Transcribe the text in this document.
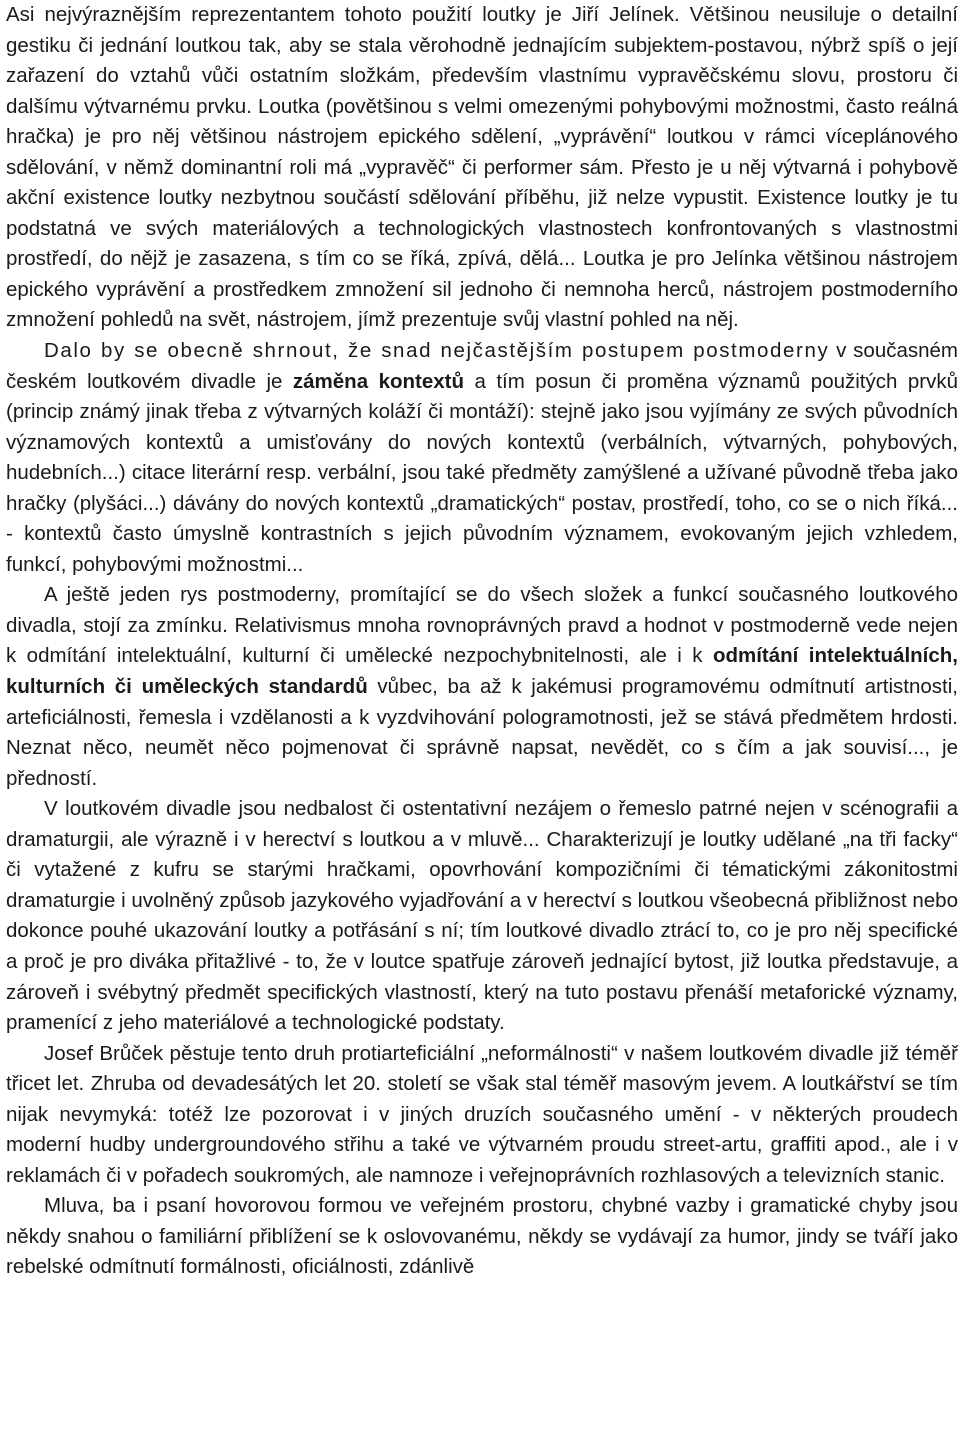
Asi nejvýraznějším reprezentantem tohoto použití loutky je Jiří Jelínek. Většinou neusiluje o detailní gestiku či jednání loutkou tak, aby se stala věrohodně jednajícím subjektem-postavou, nýbrž spíš o její zařazení do vztahů vůči ostatním složkám, především vlastnímu vypravěčskému slovu, prostoru či dalšímu výtvarnému prvku. Loutka (povětšinou s velmi omezenými pohybovými možnostmi, často reálná hračka) je pro něj většinou nástrojem epického sdělení, „vyprávění“ loutkou v rámci víceplánového sdělování, v němž dominantní roli má „vypravěč“ či performer sám. Přesto je u něj výtvarná i pohybově akční existence loutky nezbytnou součástí sdělování příběhu, již nelze vypustit. Existence loutky je tu podstatná ve svých materiálových a technologických vlastnostech konfrontovaných s vlastnostmi prostředí, do nějž je zasazena, s tím co se říká, zpívá, dělá... Loutka je pro Jelínka většinou nástrojem epického vyprávění a prostředkem zmnožení sil jednoho či nemnoha herců, nástrojem postmoderního zmnožení pohledů na svět, nástrojem, jímž prezentuje svůj vlastní pohled na něj.

Dalo by se obecně shrnout, že snad nejčastějším postupem postmoderny v současném českém loutkovém divadle je záměna kontextů a tím posun či proměna významů použitých prvků (princip známý jinak třeba z výtvarných koláží či montáží): stejně jako jsou vyjímány ze svých původních významových kontextů a umisťovány do nových kontextů (verbálních, výtvarných, pohybových, hudebních...) citace literární resp. verbální, jsou také předměty zamýšlené a užívané původně třeba jako hračky (plyšáci...) dávány do nových kontextů „dramatických“ postav, prostředí, toho, co se o nich říká... - kontextů často úmyslně kontrastních s jejich původním významem, evokovaným jejich vzhledem, funkcí, pohybovými možnostmi...

A ještě jeden rys postmoderny, promítající se do všech složek a funkcí současného loutkového divadla, stojí za zmínku. Relativismus mnoha rovnoprávných pravd a hodnot v postmoderně vede nejen k odmítání intelektuální, kulturní či umělecké nezpochybnitelnosti, ale i k odmítání intelektuálních, kulturních či uměleckých standardů vůbec, ba až k jakémusi programovému odmítnutí artistnosti, arteficiálnosti, řemesla i vzdělanosti a k vyzdvihování pologramotnosti, jež se stává předmětem hrdosti. Neznat něco, neumět něco pojmenovat či správně napsat, nevědět, co s čím a jak souvisí..., je předností.

V loutkovém divadle jsou nedbalost či ostentativní nezájem o řemeslo patrné nejen v scénografii a dramaturgii, ale výrazně i v herectví s loutkou a v mluvě... Charakterizují je loutky udělané „na tři facky“ či vytažené z kufru se starými hračkami, opovrhování kompozičními či tématickými zákonitostmi dramaturgie i uvolněný způsob jazykového vyjadřování a v herectví s loutkou všeobecná přibližnost nebo dokonce pouhé ukazování loutky a potřásání s ní; tím loutkové divadlo ztrácí to, co je pro něj specifické a proč je pro diváka přitažlivé - to, že v loutce spatřuje zároveň jednající bytost, již loutka představuje, a zároveň i svébytný předmět specifických vlastností, který na tuto postavu přenáší metaforické významy, pramenící z jeho materiálové a technologické podstaty.

Josef Brůček pěstuje tento druh protiarteficiální „neformálnosti“ v našem loutkovém divadle již téměř třicet let. Zhruba od devadesátých let 20. století se však stal téměř masovým jevem. A loutkářství se tím nijak nevymyká: totéž lze pozorovat i v jiných druzích současného umění - v některých proudech moderní hudby undergroundového střihu a také ve výtvarném proudu street-artu, graffiti apod., ale i v reklamách či v pořadech soukromých, ale namnoze i veřejnoprávních rozhlasových a televizních stanic.

Mluva, ba i psaní hovorovou formou ve veřejném prostoru, chybné vazby i gramatické chyby jsou někdy snahou o familiární přiblížení se k oslovovanému, někdy se vydávají za humor, jindy se tváří jako rebelské odmítnutí formálnosti, oficiálnosti, zdánlivě
